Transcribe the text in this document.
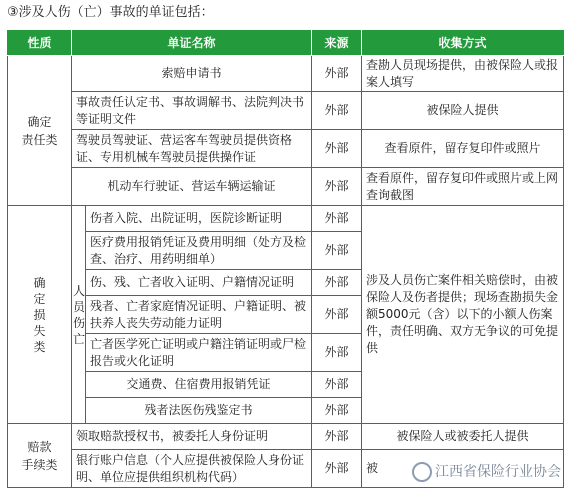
③涉及人伤（亡）事故的单证包括：
性质	单证名称		来源	收集方式
确定
责任类	索赔申请书		外部	查勘人员现场提供，由被保险人或报案人填写
	事故责任认定书、事故调解书、法院判决书等证明文件		外部	被保险人提供
	驾驶员驾驶证、营运客车驾驶员提供资格证、专用机械车驾驶员提供操作证		外部	查看原件，留存复印件或照片
	机动车行驶证、营运车辆运输证		外部	查看原件，留存复印件或照片或上网查询截图
确定 损失类	人员伤亡	伤者入院、出院证明，医院诊断证明	外部	涉及人员伤亡案件相关赔偿时，由被保险人及伤者提供；现场查勘损失金额5000元（含）以下的小额人伤案件，责任明确、双方无争议的可免提供
		医疗费用报销凭证及费用明细（处方及检查、治疗、用药明细单）	外部	
		伤、残、亡者收入证明、户籍情况证明	外部	
		残者、亡者家庭情况证明、户籍证明、被扶养人丧失劳动能力证明	外部	
		亡者医学死亡证明或户籍注销证明或尸检报告或火化证明	外部	
		交通费、住宿费用报销凭证	外部	
		残者法医伤残鉴定书	外部	
赔款
手续类	领取赔款授权书，被委托人身份证明		外部	被保险人或被委托人提供
	银行账户信息（个人应提供被保险人身份证明、单位应提供组织机构代码）		外部	被	江西省保险行业协会
